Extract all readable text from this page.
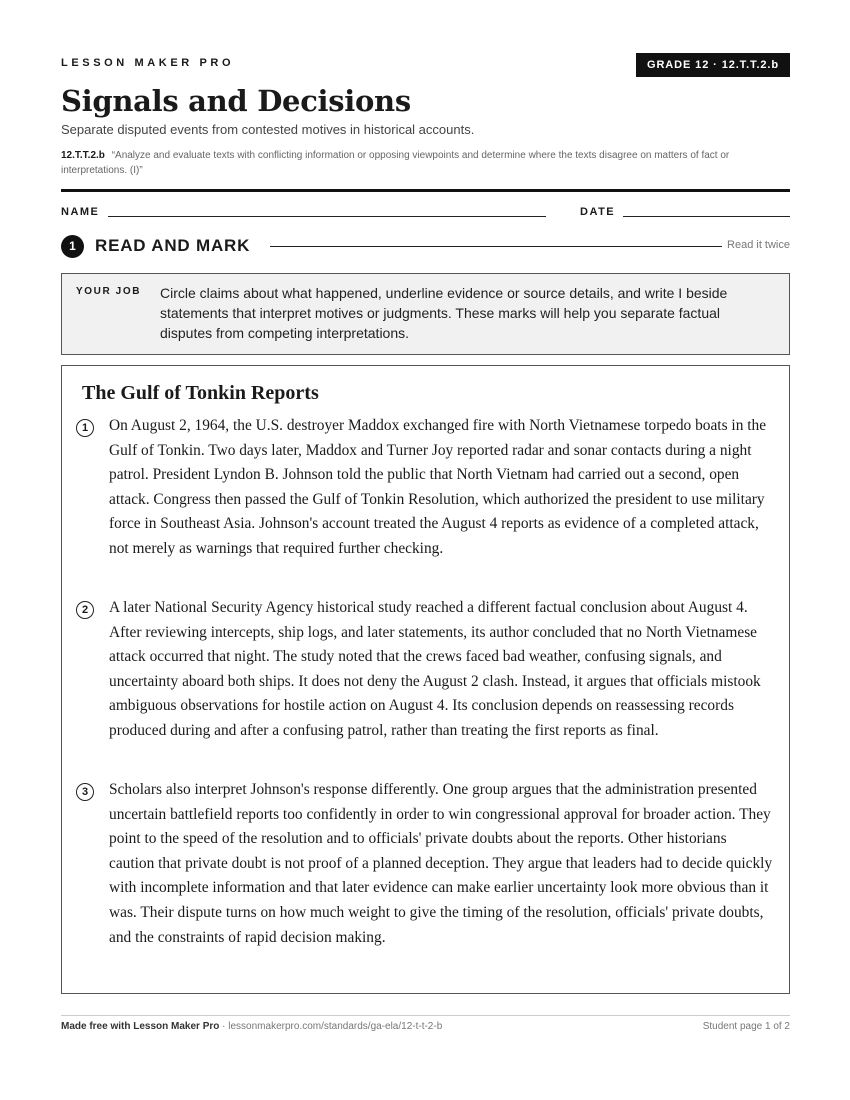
LESSON MAKER PRO	GRADE 12 · 12.T.T.2.b
Signals and Decisions
Separate disputed events from contested motives in historical accounts.
12.T.T.2.b “Analyze and evaluate texts with conflicting information or opposing viewpoints and determine where the texts disagree on matters of fact or interpretations. (I)”
NAME	DATE
1	READ AND MARK	Read it twice
YOUR JOB Circle claims about what happened, underline evidence or source details, and write I beside statements that interpret motives or judgments. These marks will help you separate factual disputes from competing interpretations.
The Gulf of Tonkin Reports
1	On August 2, 1964, the U.S. destroyer Maddox exchanged fire with North Vietnamese torpedo boats in the Gulf of Tonkin. Two days later, Maddox and Turner Joy reported radar and sonar contacts during a night patrol. President Lyndon B. Johnson told the public that North Vietnam had carried out a second, open attack. Congress then passed the Gulf of Tonkin Resolution, which authorized the president to use military force in Southeast Asia. Johnson's account treated the August 4 reports as evidence of a completed attack, not merely as warnings that required further checking.
2	A later National Security Agency historical study reached a different factual conclusion about August 4. After reviewing intercepts, ship logs, and later statements, its author concluded that no North Vietnamese attack occurred that night. The study noted that the crews faced bad weather, confusing signals, and uncertainty aboard both ships. It does not deny the August 2 clash. Instead, it argues that officials mistook ambiguous observations for hostile action on August 4. Its conclusion depends on reassessing records produced during and after a confusing patrol, rather than treating the first reports as final.
3	Scholars also interpret Johnson's response differently. One group argues that the administration presented uncertain battlefield reports too confidently in order to win congressional approval for broader action. They point to the speed of the resolution and to officials' private doubts about the reports. Other historians caution that private doubt is not proof of a planned deception. They argue that leaders had to decide quickly with incomplete information and that later evidence can make earlier uncertainty look more obvious than it was. Their dispute turns on how much weight to give the timing of the resolution, officials' private doubts, and the constraints of rapid decision making.
Made free with Lesson Maker Pro · lessonmakerpro.com/standards/ga-ela/12-t-t-2-b	Student page 1 of 2
